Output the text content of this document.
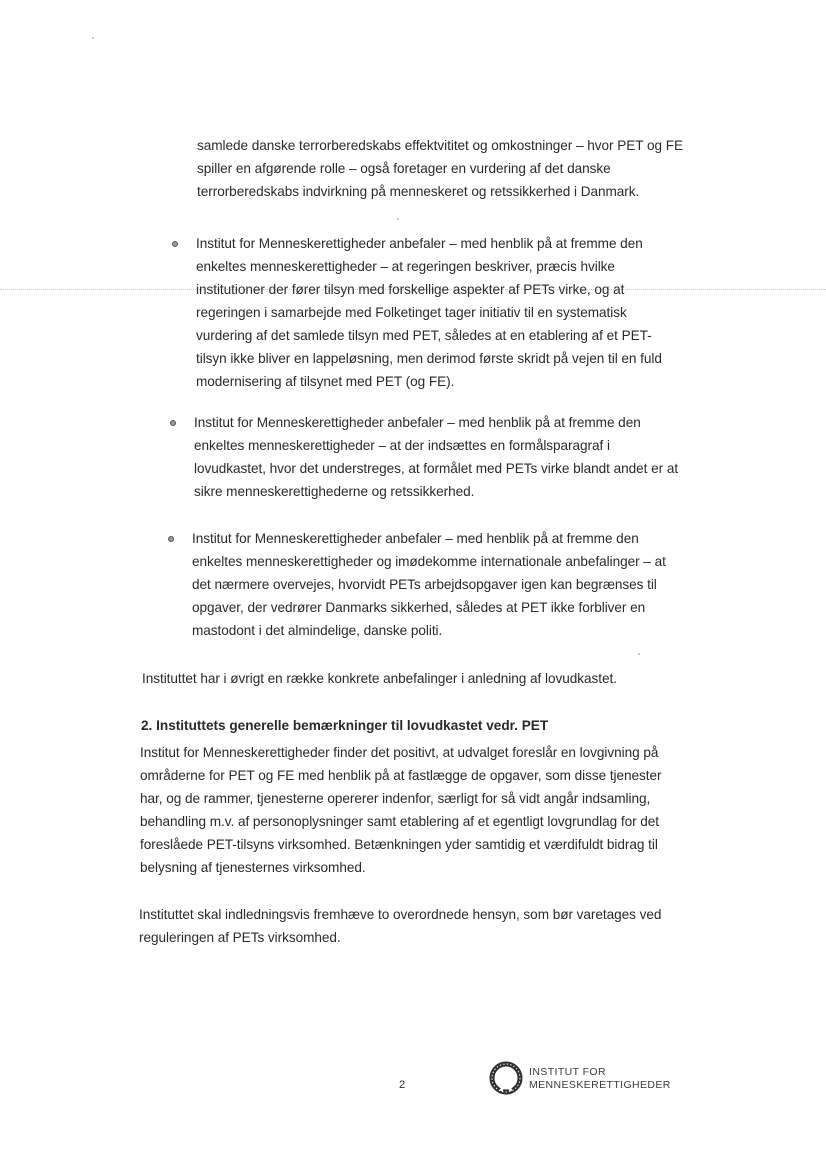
samlede danske terrorberedskabs effektvititet og omkostninger – hvor PET og FE
spiller en afgørende rolle – også foretager en vurdering af det danske
terrorberedskabs indvirkning på menneskeret og retssikkerhed i Danmark.
Institut for Menneskerettigheder anbefaler – med henblik på at fremme den
enkeltes menneskerettigheder – at regeringen beskriver, præcis hvilke
institutioner der fører tilsyn med forskellige aspekter af PETs virke, og at
regeringen i samarbejde med Folketinget tager initiativ til en systematisk
vurdering af det samlede tilsyn med PET, således at en etablering af et PET-
tilsyn ikke bliver en lappeløsning, men derimod første skridt på vejen til en fuld
modernisering af tilsynet med PET (og FE).
Institut for Menneskerettigheder anbefaler – med henblik på at fremme den
enkeltes menneskerettigheder – at der indsættes en formålsparagraf i
lovudkastet, hvor det understreges, at formålet med PETs virke blandt andet er at
sikre menneskerettighederne og retssikkerhed.
Institut for Menneskerettigheder anbefaler – med henblik på at fremme den
enkeltes menneskerettigheder og imødekomme internationale anbefalinger – at
det nærmere overvejes, hvorvidt PETs arbejdsopgaver igen kan begrænses til
opgaver, der vedrører Danmarks sikkerhed, således at PET ikke forbliver en
mastodont i det almindelige, danske politi.
Instituttet har i øvrigt en række konkrete anbefalinger i anledning af lovudkastet.
2. Instituttets generelle bemærkninger til lovudkastet vedr. PET
Institut for Menneskerettigheder finder det positivt, at udvalget foreslår en lovgivning på
områderne for PET og FE med henblik på at fastlægge de opgaver, som disse tjenester
har, og de rammer, tjenesterne opererer indenfor, særligt for så vidt angår indsamling,
behandling m.v. af personoplysninger samt etablering af et egentligt lovgrundlag for det
foreslåede PET-tilsyns virksomhed. Betænkningen yder samtidig et værdifuldt bidrag til
belysning af tjenesternes virksomhed.
Instituttet skal indledningsvis fremhæve to overordnede hensyn, som bør varetages ved
reguleringen af PETs virksomhed.
2
INSTITUT FOR
MENNESKERETTIGHEDER
